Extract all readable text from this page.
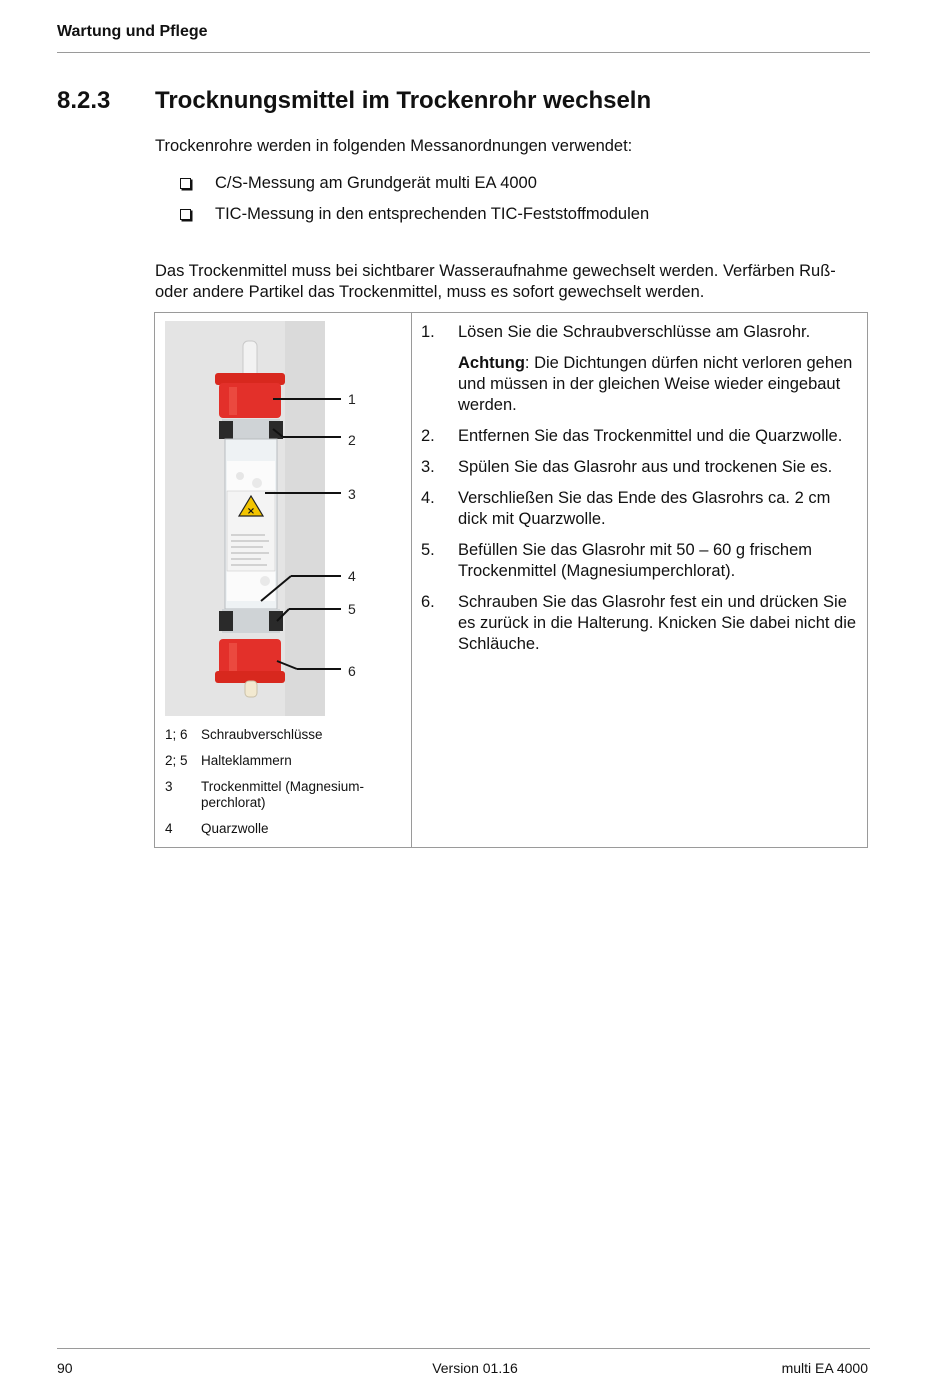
Wartung und Pflege
8.2.3 Trocknungsmittel im Trockenrohr wechseln
Trockenrohre werden in folgenden Messanordnungen verwendet:
C/S-Messung am Grundgerät multi EA 4000
TIC-Messung in den entsprechenden TIC-Feststoffmodulen
Das Trockenmittel muss bei sichtbarer Wasseraufnahme gewechselt werden. Verfärben Ruß- oder andere Partikel das Trockenmittel, muss es sofort gewechselt werden.
×
1
2
3
4
5
6
1; 6 Schraubverschlüsse
2; 5 Halteklammern
3	Trockenmittel (Magnesium-perchlorat)
4	Quarzwolle
1.	Lösen Sie die Schraubverschlüsse am Glasrohr.
Achtung: Die Dichtungen dürfen nicht verloren gehen und müssen in der gleichen Weise wieder eingebaut werden.
2.	Entfernen Sie das Trockenmittel und die Quarzwolle.
3.	Spülen Sie das Glasrohr aus und trockenen Sie es.
4.	Verschließen Sie das Ende des Glasrohrs ca. 2 cm dick mit Quarzwolle.
5.	Befüllen Sie das Glasrohr mit 50 – 60 g frischem Trockenmittel (Magnesiumperchlorat).
6.	Schrauben Sie das Glasrohr fest ein und drücken Sie es zurück in die Halterung. Knicken Sie dabei nicht die Schläuche.
90	Version 01.16	multi EA 4000
